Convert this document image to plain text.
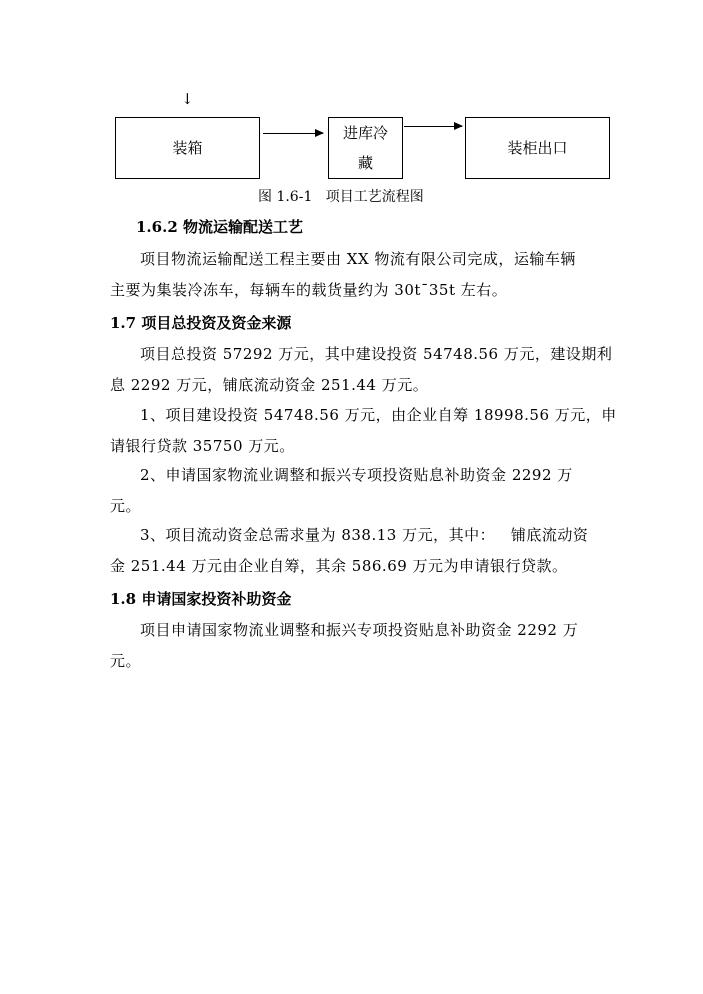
↓
装箱
进库冷
藏
装柜出口
图 1.6-1   项目工艺流程图
1.6.2 物流运输配送工艺
项目物流运输配送工程主要由 XX 物流有限公司完成，运输车辆
主要为集装冷冻车，每辆车的载货量约为 30t¯35t 左右。
1.7 项目总投资及资金来源
项目总投资 57292 万元，其中建设投资 54748.56 万元，建设期利
息 2292 万元，铺底流动资金 251.44 万元。
1、项目建设投资 54748.56 万元，由企业自筹 18998.56 万元，申
请银行贷款 35750 万元。
2、申请国家物流业调整和振兴专项投资贴息补助资金 2292 万
元。
3、项目流动资金总需求量为 838.13 万元，其中：   铺底流动资
金 251.44 万元由企业自筹，其余 586.69 万元为申请银行贷款。
1.8 申请国家投资补助资金
项目申请国家物流业调整和振兴专项投资贴息补助资金 2292 万
元。
